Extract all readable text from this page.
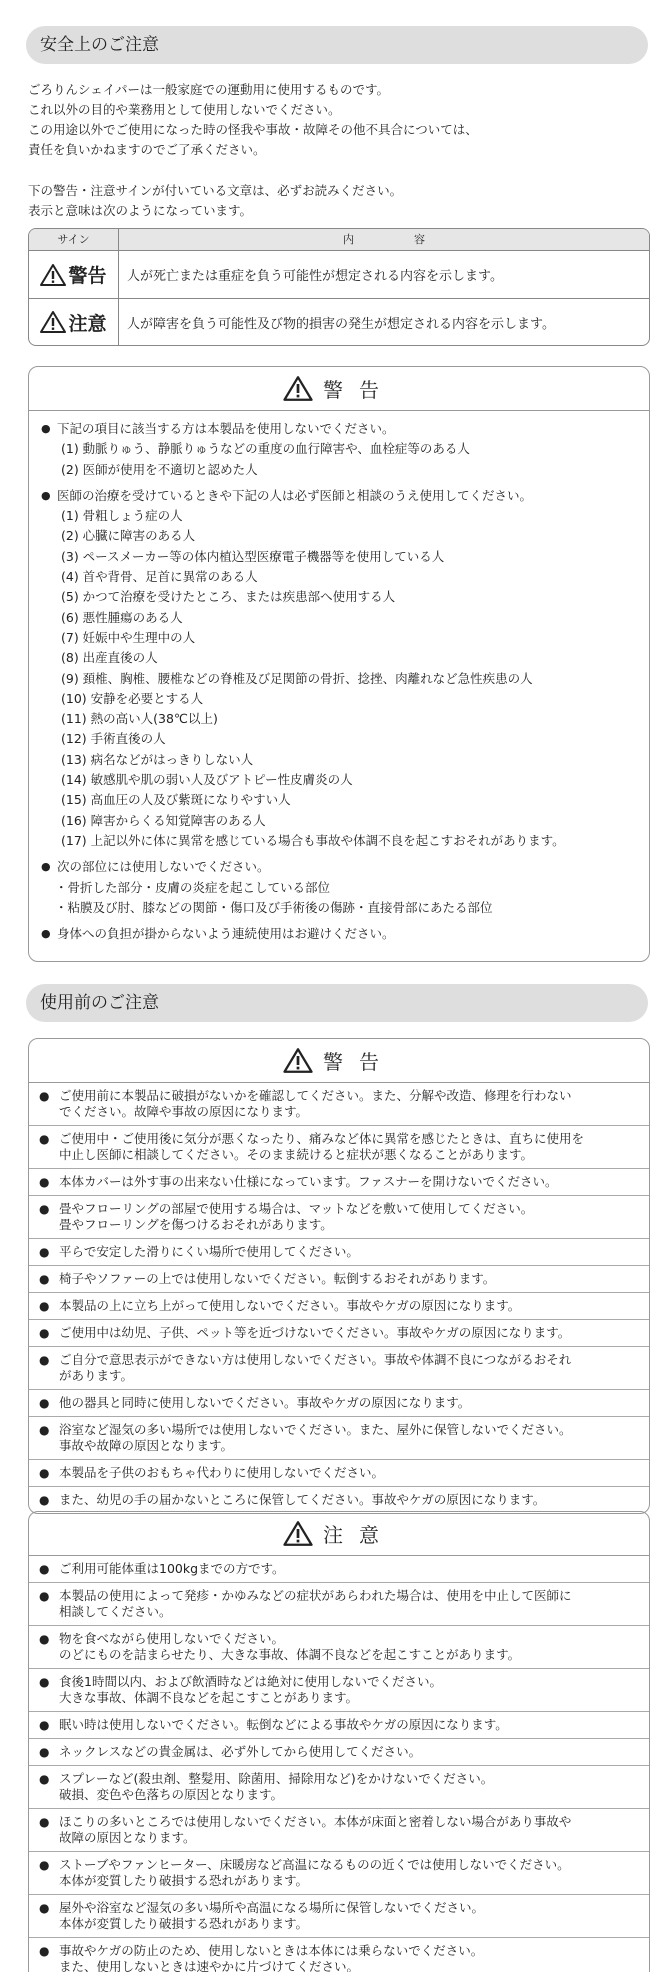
安全上のご注意

ごろりんシェイパーは一般家庭での運動用に使用するものです。

これ以外の目的や業務用として使用しないでください。

この用途以外でご使用になった時の怪我や事故・故障その他不具合については、

責任を負いかねますのでご了承ください。

下の警告・注意サインが付いている文章は、必ずお読みください。

表示と意味は次のようになっています。

サイン	内容
警告	人が死亡または重症を負う可能性が想定される内容を示します。
注意	人が障害を負う可能性及び物的損害の発生が想定される内容を示します。
警告
● 下記の項目に該当する方は本製品を使用しないでください。
(1) 動脈りゅう、静脈りゅうなどの重度の血行障害や、血栓症等のある人
(2) 医師が使用を不適切と認めた人
● 医師の治療を受けているときや下記の人は必ず医師と相談のうえ使用してください。
(1) 骨粗しょう症の人
(2) 心臓に障害のある人
(3) ペースメーカー等の体内植込型医療電子機器等を使用している人
(4) 首や背骨、足首に異常のある人
(5) かつて治療を受けたところ、または疾患部へ使用する人
(6) 悪性腫瘍のある人
(7) 妊娠中や生理中の人
(8) 出産直後の人
(9) 頚椎、胸椎、腰椎などの脊椎及び足関節の骨折、捻挫、肉離れなど急性疾患の人
(10) 安静を必要とする人
(11) 熱の高い人(38℃以上)
(12) 手術直後の人
(13) 病名などがはっきりしない人
(14) 敏感肌や肌の弱い人及びアトピー性皮膚炎の人
(15) 高血圧の人及び紫斑になりやすい人
(16) 障害からくる知覚障害のある人
(17) 上記以外に体に異常を感じている場合も事故や体調不良を起こすおそれがあります。
● 次の部位には使用しないでください。
・骨折した部分・皮膚の炎症を起こしている部位
・粘膜及び肘、膝などの関節・傷口及び手術後の傷跡・直接骨部にあたる部位
● 身体への負担が掛からないよう連続使用はお避けください。
使用前のご注意
警告
● ご使用前に本製品に破損がないかを確認してください。また、分解や改造、修理を行わない
でください。故障や事故の原因になります。
● ご使用中・ご使用後に気分が悪くなったり、痛みなど体に異常を感じたときは、直ちに使用を
中止し医師に相談してください。そのまま続けると症状が悪くなることがあります。
● 本体カバーは外す事の出来ない仕様になっています。ファスナーを開けないでください。
● 畳やフローリングの部屋で使用する場合は、マットなどを敷いて使用してください。
畳やフローリングを傷つけるおそれがあります。
● 平らで安定した滑りにくい場所で使用してください。
● 椅子やソファーの上では使用しないでください。転倒するおそれがあります。
● 本製品の上に立ち上がって使用しないでください。事故やケガの原因になります。
● ご使用中は幼児、子供、ペット等を近づけないでください。事故やケガの原因になります。
● ご自分で意思表示ができない方は使用しないでください。事故や体調不良につながるおそれ
があります。
● 他の器具と同時に使用しないでください。事故やケガの原因になります。
● 浴室など湿気の多い場所では使用しないでください。また、屋外に保管しないでください。
事故や故障の原因となります。
● 本製品を子供のおもちゃ代わりに使用しないでください。
● また、幼児の手の届かないところに保管してください。事故やケガの原因になります。
注意
● ご利用可能体重は100kgまでの方です。
● 本製品の使用によって発疹・かゆみなどの症状があらわれた場合は、使用を中止して医師に
相談してください。
● 物を食べながら使用しないでください。
のどにものを詰まらせたり、大きな事故、体調不良などを起こすことがあります。
● 食後1時間以内、および飲酒時などは絶対に使用しないでください。
大きな事故、体調不良などを起こすことがあります。
● 眠い時は使用しないでください。転倒などによる事故やケガの原因になります。
● ネックレスなどの貴金属は、必ず外してから使用してください。
● スプレーなど(殺虫剤、整髪用、除菌用、掃除用など)をかけないでください。
破損、変色や色落ちの原因となります。
● ほこりの多いところでは使用しないでください。本体が床面と密着しない場合があり事故や
故障の原因となります。
● ストーブやファンヒーター、床暖房など高温になるものの近くでは使用しないでください。
本体が変質したり破損する恐れがあります。
● 屋外や浴室など湿気の多い場所や高温になる場所に保管しないでください。
本体が変質したり破損する恐れがあります。
● 事故やケガの防止のため、使用しないときは本体には乗らないでください。
また、使用しないときは速やかに片づけてください。
